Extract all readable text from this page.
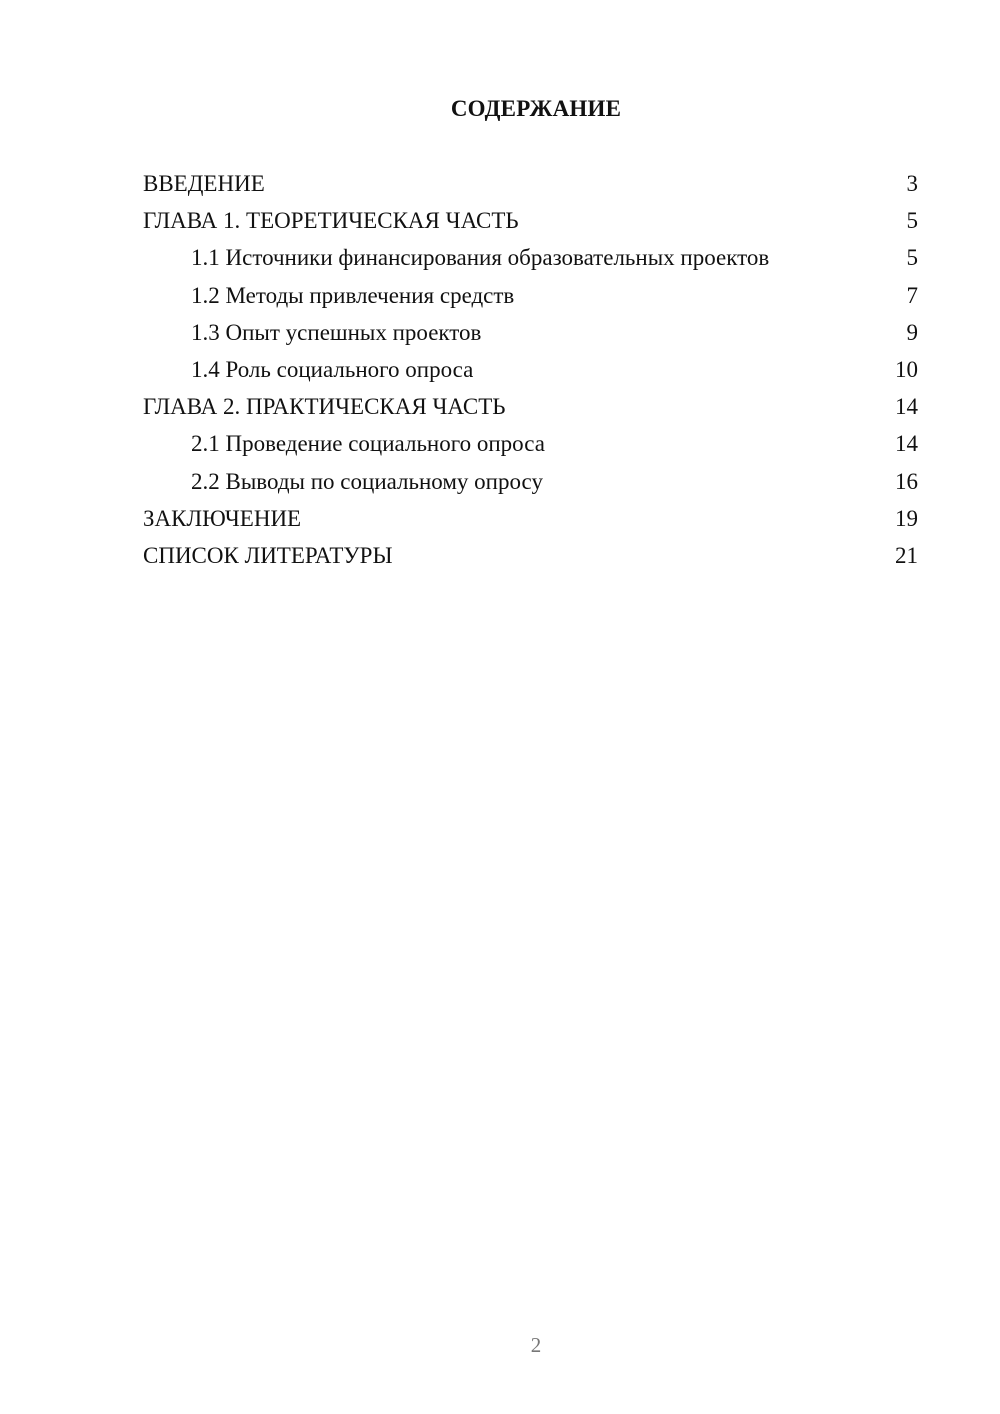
СОДЕРЖАНИЕ
ВВЕДЕНИЕ	3
ГЛАВА 1. ТЕОРЕТИЧЕСКАЯ ЧАСТЬ	5
1.1 Источники финансирования образовательных проектов	5
1.2 Методы привлечения средств	7
1.3 Опыт успешных проектов	9
1.4 Роль социального опроса	10
ГЛАВА 2. ПРАКТИЧЕСКАЯ ЧАСТЬ	14
2.1 Проведение социального опроса	14
2.2 Выводы по социальному опросу	16
ЗАКЛЮЧЕНИЕ	19
СПИСОК ЛИТЕРАТУРЫ	21
2
